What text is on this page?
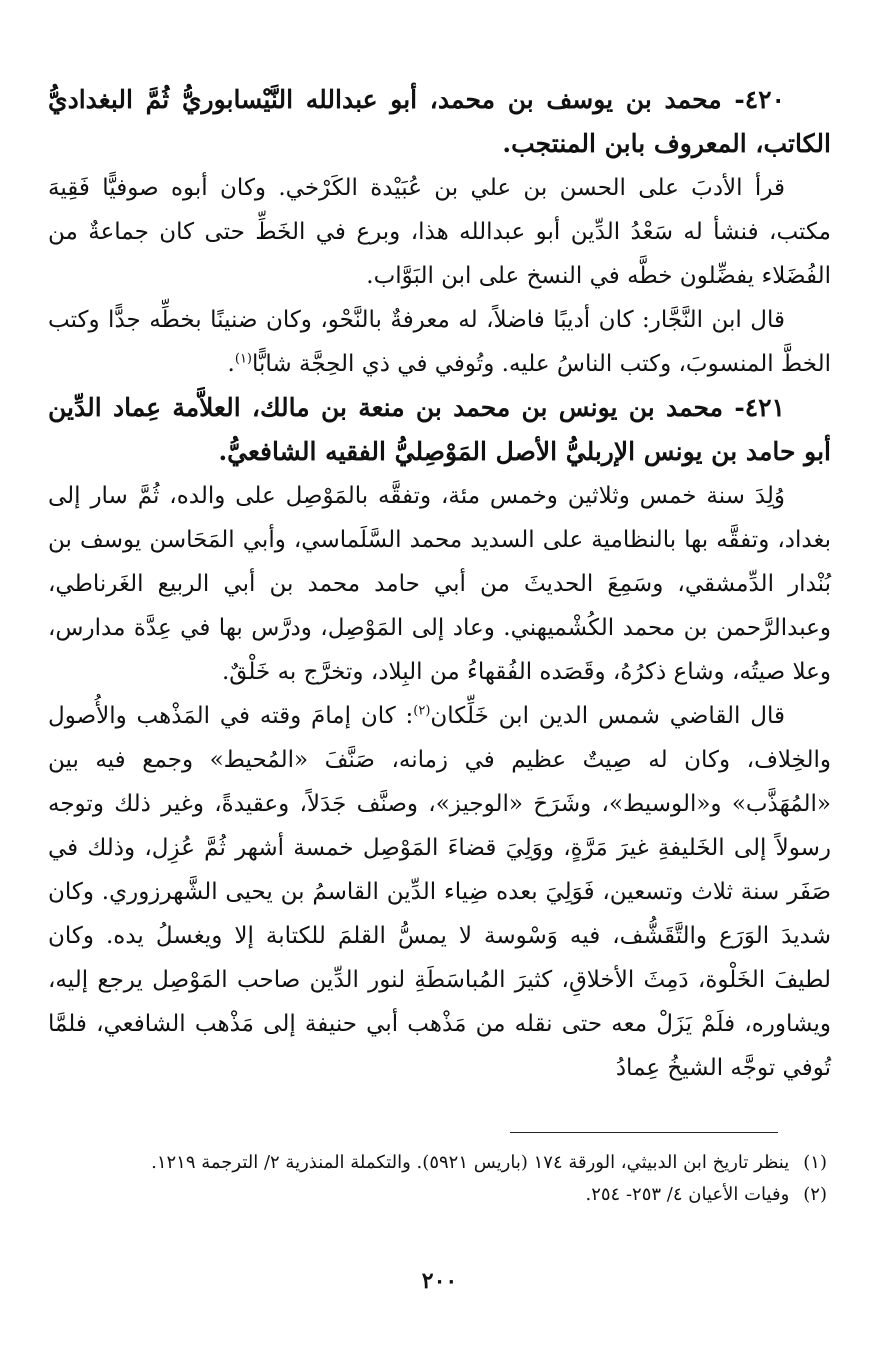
٤٢٠- محمد بن يوسف بن محمد، أبو عبدالله النَّيْسابوريُّ ثُمَّ البغداديُّ الكاتب، المعروف بابن المنتجب.

قرأ الأدبَ على الحسن بن علي بن عُبَيْدة الكَرْخي. وكان أبوه صوفيًّا فَقِيهَ مكتب، فنشأ له سَعْدُ الدِّين أبو عبدالله هذا، وبرع في الخَطِّ حتى كان جماعةٌ من الفُضَلاء يفضِّلون خطَّه في النسخ على ابن البَوَّاب.

قال ابن النَّجَّار: كان أديبًا فاضلاً، له معرفةٌ بالنَّحْو، وكان ضنينًا بخطِّه جدًّا وكتب الخطَّ المنسوبَ، وكتب الناسُ عليه. وتُوفي في ذي الحِجَّة شابًّا$^{(١)}$.

٤٢١- محمد بن يونس بن محمد بن منعة بن مالك، العلاَّمة عِماد الدِّين أبو حامد بن يونس الإربليُّ الأصل المَوْصِليُّ الفقيه الشافعيُّ.

وُلِدَ سنة خمس وثلاثين وخمس مئة، وتفقَّه بالمَوْصِل على والده، ثُمَّ سار إلى بغداد، وتفقَّه بها بالنظامية على السديد محمد السَّلَماسي، وأبي المَحَاسن يوسف بن بُنْدار الدِّمشقي، وسَمِعَ الحديثَ من أبي حامد محمد بن أبي الربيع الغَرناطي، وعبدالرَّحمن بن محمد الكُشْميهني. وعاد إلى المَوْصِل، ودرَّس بها في عِدَّة مدارس، وعلا صيتُه، وشاع ذكرُهُ، وقَصَده الفُقهاءُ من البِلاد، وتخرَّج به خَلْقٌ.

قال القاضي شمس الدين ابن خَلِّكان$^{(٢)}$: كان إمامَ وقته في المَذْهب والأُصول والخِلاف، وكان له صِيتٌ عظيم في زمانه، صَنَّفَ «المُحيط» وجمع فيه بين «المُهَذَّب» و«الوسيط»، وشَرَحَ «الوجيز»، وصنَّف جَدَلاً، وعقيدةً، وغير ذلك وتوجه رسولاً إلى الخَليفةِ غيرَ مَرَّةٍ، ووَلِيَ قضاءَ المَوْصِل خمسة أشهر ثُمَّ عُزِل، وذلك في صَفَر سنة ثلاث وتسعين، فَوَلِيَ بعده ضِياء الدِّين القاسمُ بن يحيى الشَّهرزوري. وكان شديدَ الوَرَع والتَّقَشُّف، فيه وَسْوسة لا يمسُّ القلمَ للكتابة إلا ويغسلُ يده. وكان لطيفَ الخَلْوة، دَمِثَ الأخلاقِ، كثيرَ المُباسَطَةِ لنور الدِّين صاحب المَوْصِل يرجع إليه، ويشاوره، فلَمْ يَزَلْ معه حتى نقله من مَذْهب أبي حنيفة إلى مَذْهب الشافعي، فلمَّا تُوفي توجَّه الشيخُ عِمادُ

(١)
ينظر تاريخ ابن الدبيثي، الورقة ١٧٤ (باريس ٥٩٢١). والتكملة المنذرية ٢/ الترجمة ١٢١٩.
(٢)
وفيات الأعيان ٤/ ٢٥٣- ٢٥٤.
٢٠٠
